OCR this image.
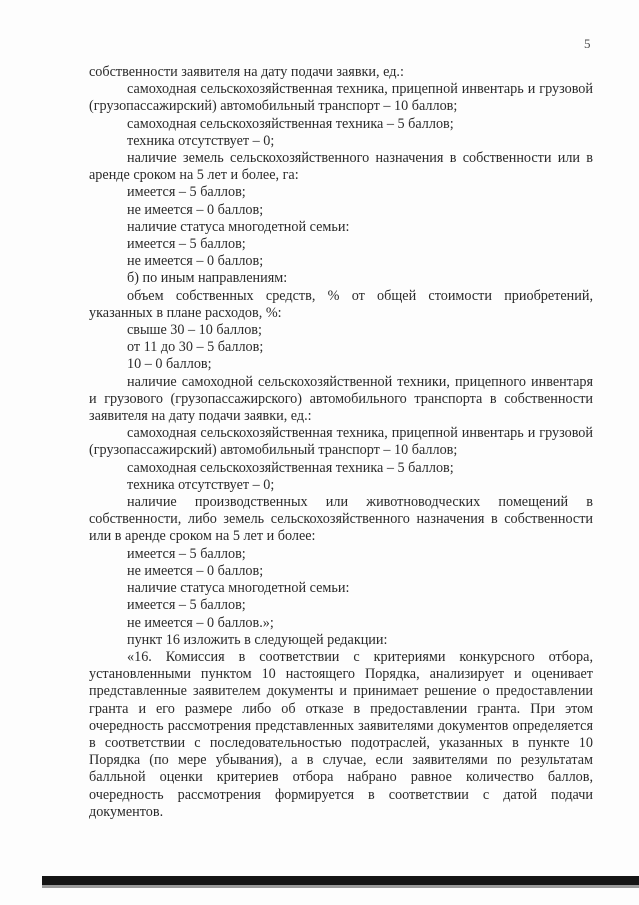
5

собственности заявителя на дату подачи заявки, ед.:

самоходная сельскохозяйственная техника, прицепной инвентарь и грузовой (грузопассажирский) автомобильный транспорт – 10 баллов;

самоходная сельскохозяйственная техника – 5 баллов;

техника отсутствует – 0;

наличие земель сельскохозяйственного назначения в собственности или в аренде сроком на 5 лет и более, га:

имеется – 5 баллов;

не имеется – 0 баллов;

наличие статуса многодетной семьи:

имеется – 5 баллов;

не имеется – 0 баллов;

б) по иным направлениям:

объем собственных средств, % от общей стоимости приобретений, указанных в плане расходов, %:

свыше 30 – 10 баллов;

от 11 до 30 – 5 баллов;

10 – 0 баллов;

наличие самоходной сельскохозяйственной техники, прицепного инвентаря и грузового (грузопассажирского) автомобильного транспорта в собственности заявителя на дату подачи заявки, ед.:

самоходная сельскохозяйственная техника, прицепной инвентарь и грузовой (грузопассажирский) автомобильный транспорт – 10 баллов;

самоходная сельскохозяйственная техника – 5 баллов;

техника отсутствует – 0;

наличие производственных или животноводческих помещений в собственности, либо земель сельскохозяйственного назначения в собственности или в аренде сроком на 5 лет и более:

имеется – 5 баллов;

не имеется – 0 баллов;

наличие статуса многодетной семьи:

имеется – 5 баллов;

не имеется – 0 баллов.»;

пункт 16 изложить в следующей редакции:

«16. Комиссия в соответствии с критериями конкурсного отбора, установленными пунктом 10 настоящего Порядка, анализирует и оценивает представленные заявителем документы и принимает решение о предоставлении гранта и его размере либо об отказе в предоставлении гранта. При этом очередность рассмотрения представленных заявителями документов определяется в соответствии с последовательностью подотраслей, указанных в пункте 10 Порядка (по мере убывания), а в случае, если заявителями по результатам балльной оценки критериев отбора набрано равное количество баллов, очередность рассмотрения формируется в соответствии с датой подачи документов.
